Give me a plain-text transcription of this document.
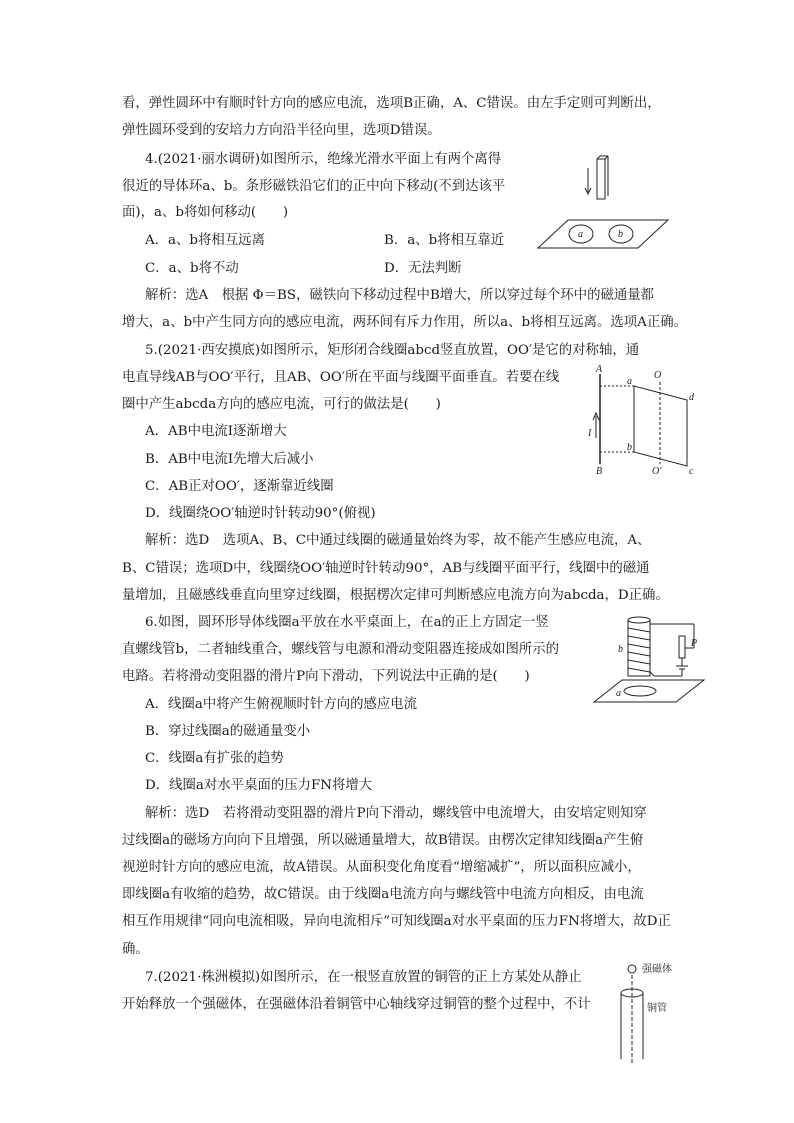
看，弹性圆环中有顺时针方向的感应电流，选项B正确，A、C错误。由左手定则可判断出，
弹性圆环受到的安培力方向沿半径向里，选项D错误。
4.(2021·丽水调研)如图所示，绝缘光滑水平面上有两个离得
很近的导体环a、b。条形磁铁沿它们的正中向下移动(不到达该平
面)，a、b将如何移动(　　)
A．a、b将相互远离	B．a、b将相互靠近
C．a、b将不动	D．无法判断
解析：选A　根据 Φ＝BS，磁铁向下移动过程中B增大，所以穿过每个环中的磁通量都
增大，a、b中产生同方向的感应电流，两环间有斥力作用，所以a、b将相互远离。选项A正确。
a	b
5.(2021·西安摸底)如图所示，矩形闭合线圈abcd竖直放置，OO′是它的对称轴，通
电直导线AB与OO′平行，且AB、OO′所在平面与线圈平面垂直。若要在线
圈中产生abcda方向的感应电流，可行的做法是(　　)
A．AB中电流I逐渐增大
B．AB中电流I先增大后减小
C．AB正对OO′，逐渐靠近线圈
D．线圈绕OO′轴逆时针转动90°(俯视)
解析：选D　选项A、B、C中通过线圈的磁通量始终为零，故不能产生感应电流，A、
B、C错误；选项D中，线圈绕OO′轴逆时针转动90°，AB与线圈平面平行，线圈中的磁通
量增加，且磁感线垂直向里穿过线圈，根据楞次定律可判断感应电流方向为abcda，D正确。
A
B
I
a
b
c
d
O
O′
6.如图，圆环形导体线圈a平放在水平桌面上，在a的正上方固定一竖
直螺线管b，二者轴线重合，螺线管与电源和滑动变阻器连接成如图所示的
电路。若将滑动变阻器的滑片P向下滑动，下列说法中正确的是(　　)
A．线圈a中将产生俯视顺时针方向的感应电流
B．穿过线圈a的磁通量变小
C．线圈a有扩张的趋势
D．线圈a对水平桌面的压力FN将增大
解析：选D　若将滑动变阻器的滑片P向下滑动，螺线管中电流增大，由安培定则知穿
过线圈a的磁场方向向下且增强，所以磁通量增大，故B错误。由楞次定律知线圈a产生俯
视逆时针方向的感应电流，故A错误。从面积变化角度看“增缩减扩”，所以面积应减小，
即线圈a有收缩的趋势，故C错误。由于线圈a电流方向与螺线管中电流方向相反，由电流
相互作用规律“同向电流相吸，异向电流相斥”可知线圈a对水平桌面的压力FN将增大，故D正
确。
P
b
a
7.(2021·株洲模拟)如图所示，在一根竖直放置的铜管的正上方某处从静止
开始释放一个强磁体，在强磁体沿着铜管中心轴线穿过铜管的整个过程中，不计
强磁体
铜管
